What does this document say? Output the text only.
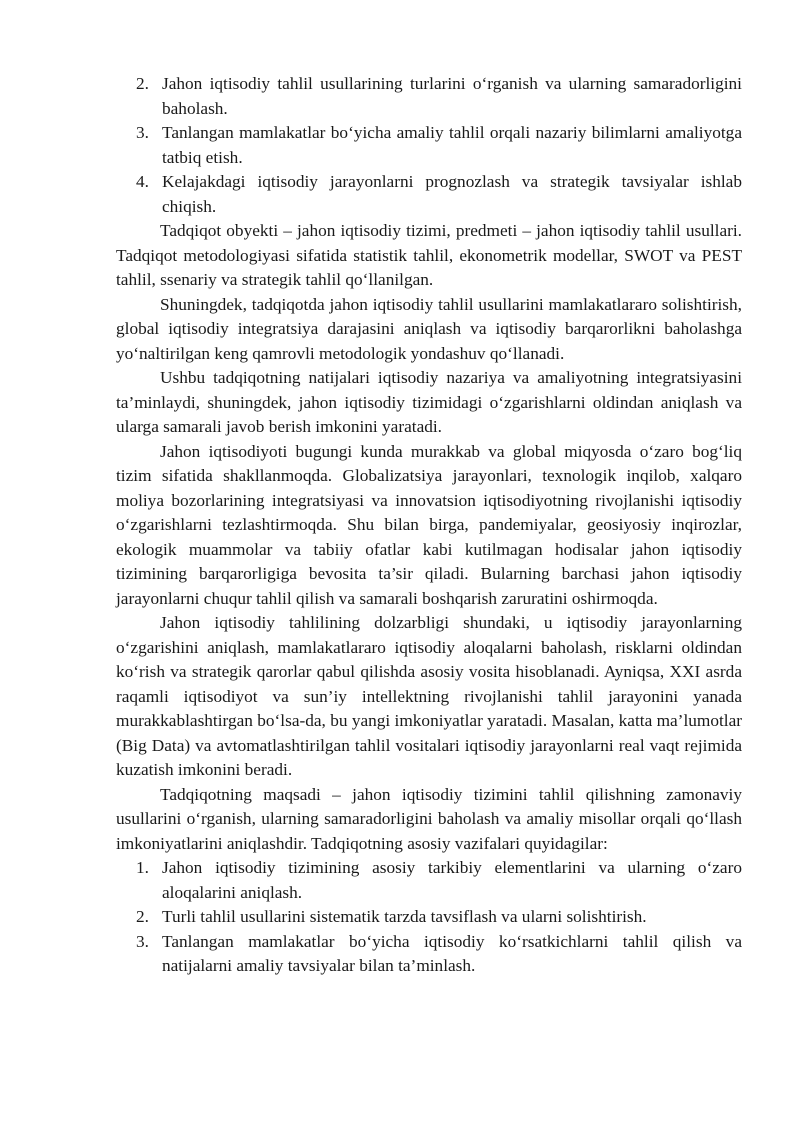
2. Jahon iqtisodiy tahlil usullarining turlarini o‘rganish va ularning samaradorligini baholash.
3. Tanlangan mamlakatlar bo‘yicha amaliy tahlil orqali nazariy bilimlarni amaliyotga tatbiq etish.
4. Kelajakdagi iqtisodiy jarayonlarni prognozlash va strategik tavsiyalar ishlab chiqish.

Tadqiqot obyekti – jahon iqtisodiy tizimi, predmeti – jahon iqtisodiy tahlil usullari. Tadqiqot metodologiyasi sifatida statistik tahlil, ekonometrik modellar, SWOT va PEST tahlil, ssenariy va strategik tahlil qo‘llanilgan.

Shuningdek, tadqiqotda jahon iqtisodiy tahlil usullarini mamlakatlararo solishtirish, global iqtisodiy integratsiya darajasini aniqlash va iqtisodiy barqarorlikni baholashga yo‘naltirilgan keng qamrovli metodologik yondashuv qo‘llanadi.

Ushbu tadqiqotning natijalari iqtisodiy nazariya va amaliyotning integratsiyasini ta’minlaydi, shuningdek, jahon iqtisodiy tizimidagi o‘zgarishlarni oldindan aniqlash va ularga samarali javob berish imkonini yaratadi.

Jahon iqtisodiyoti bugungi kunda murakkab va global miqyosda o‘zaro bog‘liq tizim sifatida shakllanmoqda. Globalizatsiya jarayonlari, texnologik inqilob, xalqaro moliya bozorlarining integratsiyasi va innovatsion iqtisodiyotning rivojlanishi iqtisodiy o‘zgarishlarni tezlashtirmoqda. Shu bilan birga, pandemiyalar, geosiyosiy inqirozlar, ekologik muammolar va tabiiy ofatlar kabi kutilmagan hodisalar jahon iqtisodiy tizimining barqarorligiga bevosita ta’sir qiladi. Bularning barchasi jahon iqtisodiy jarayonlarni chuqur tahlil qilish va samarali boshqarish zaruratini oshirmoqda.

Jahon iqtisodiy tahlilining dolzarbligi shundaki, u iqtisodiy jarayonlarning o‘zgarishini aniqlash, mamlakatlararo iqtisodiy aloqalarni baholash, risklarni oldindan ko‘rish va strategik qarorlar qabul qilishda asosiy vosita hisoblanadi. Ayniqsa, XXI asrda raqamli iqtisodiyot va sun’iy intellektning rivojlanishi tahlil jarayonini yanada murakkablashtirgan bo‘lsa-da, bu yangi imkoniyatlar yaratadi. Masalan, katta ma’lumotlar (Big Data) va avtomatlashtirilgan tahlil vositalari iqtisodiy jarayonlarni real vaqt rejimida kuzatish imkonini beradi.

Tadqiqotning maqsadi – jahon iqtisodiy tizimini tahlil qilishning zamonaviy usullarini o‘rganish, ularning samaradorligini baholash va amaliy misollar orqali qo‘llash imkoniyatlarini aniqlashdir. Tadqiqotning asosiy vazifalari quyidagilar:

1. Jahon iqtisodiy tizimining asosiy tarkibiy elementlarini va ularning o‘zaro aloqalarini aniqlash.
2. Turli tahlil usullarini sistematik tarzda tavsiflash va ularni solishtirish.
3. Tanlangan mamlakatlar bo‘yicha iqtisodiy ko‘rsatkichlarni tahlil qilish va natijalarni amaliy tavsiyalar bilan ta’minlash.
